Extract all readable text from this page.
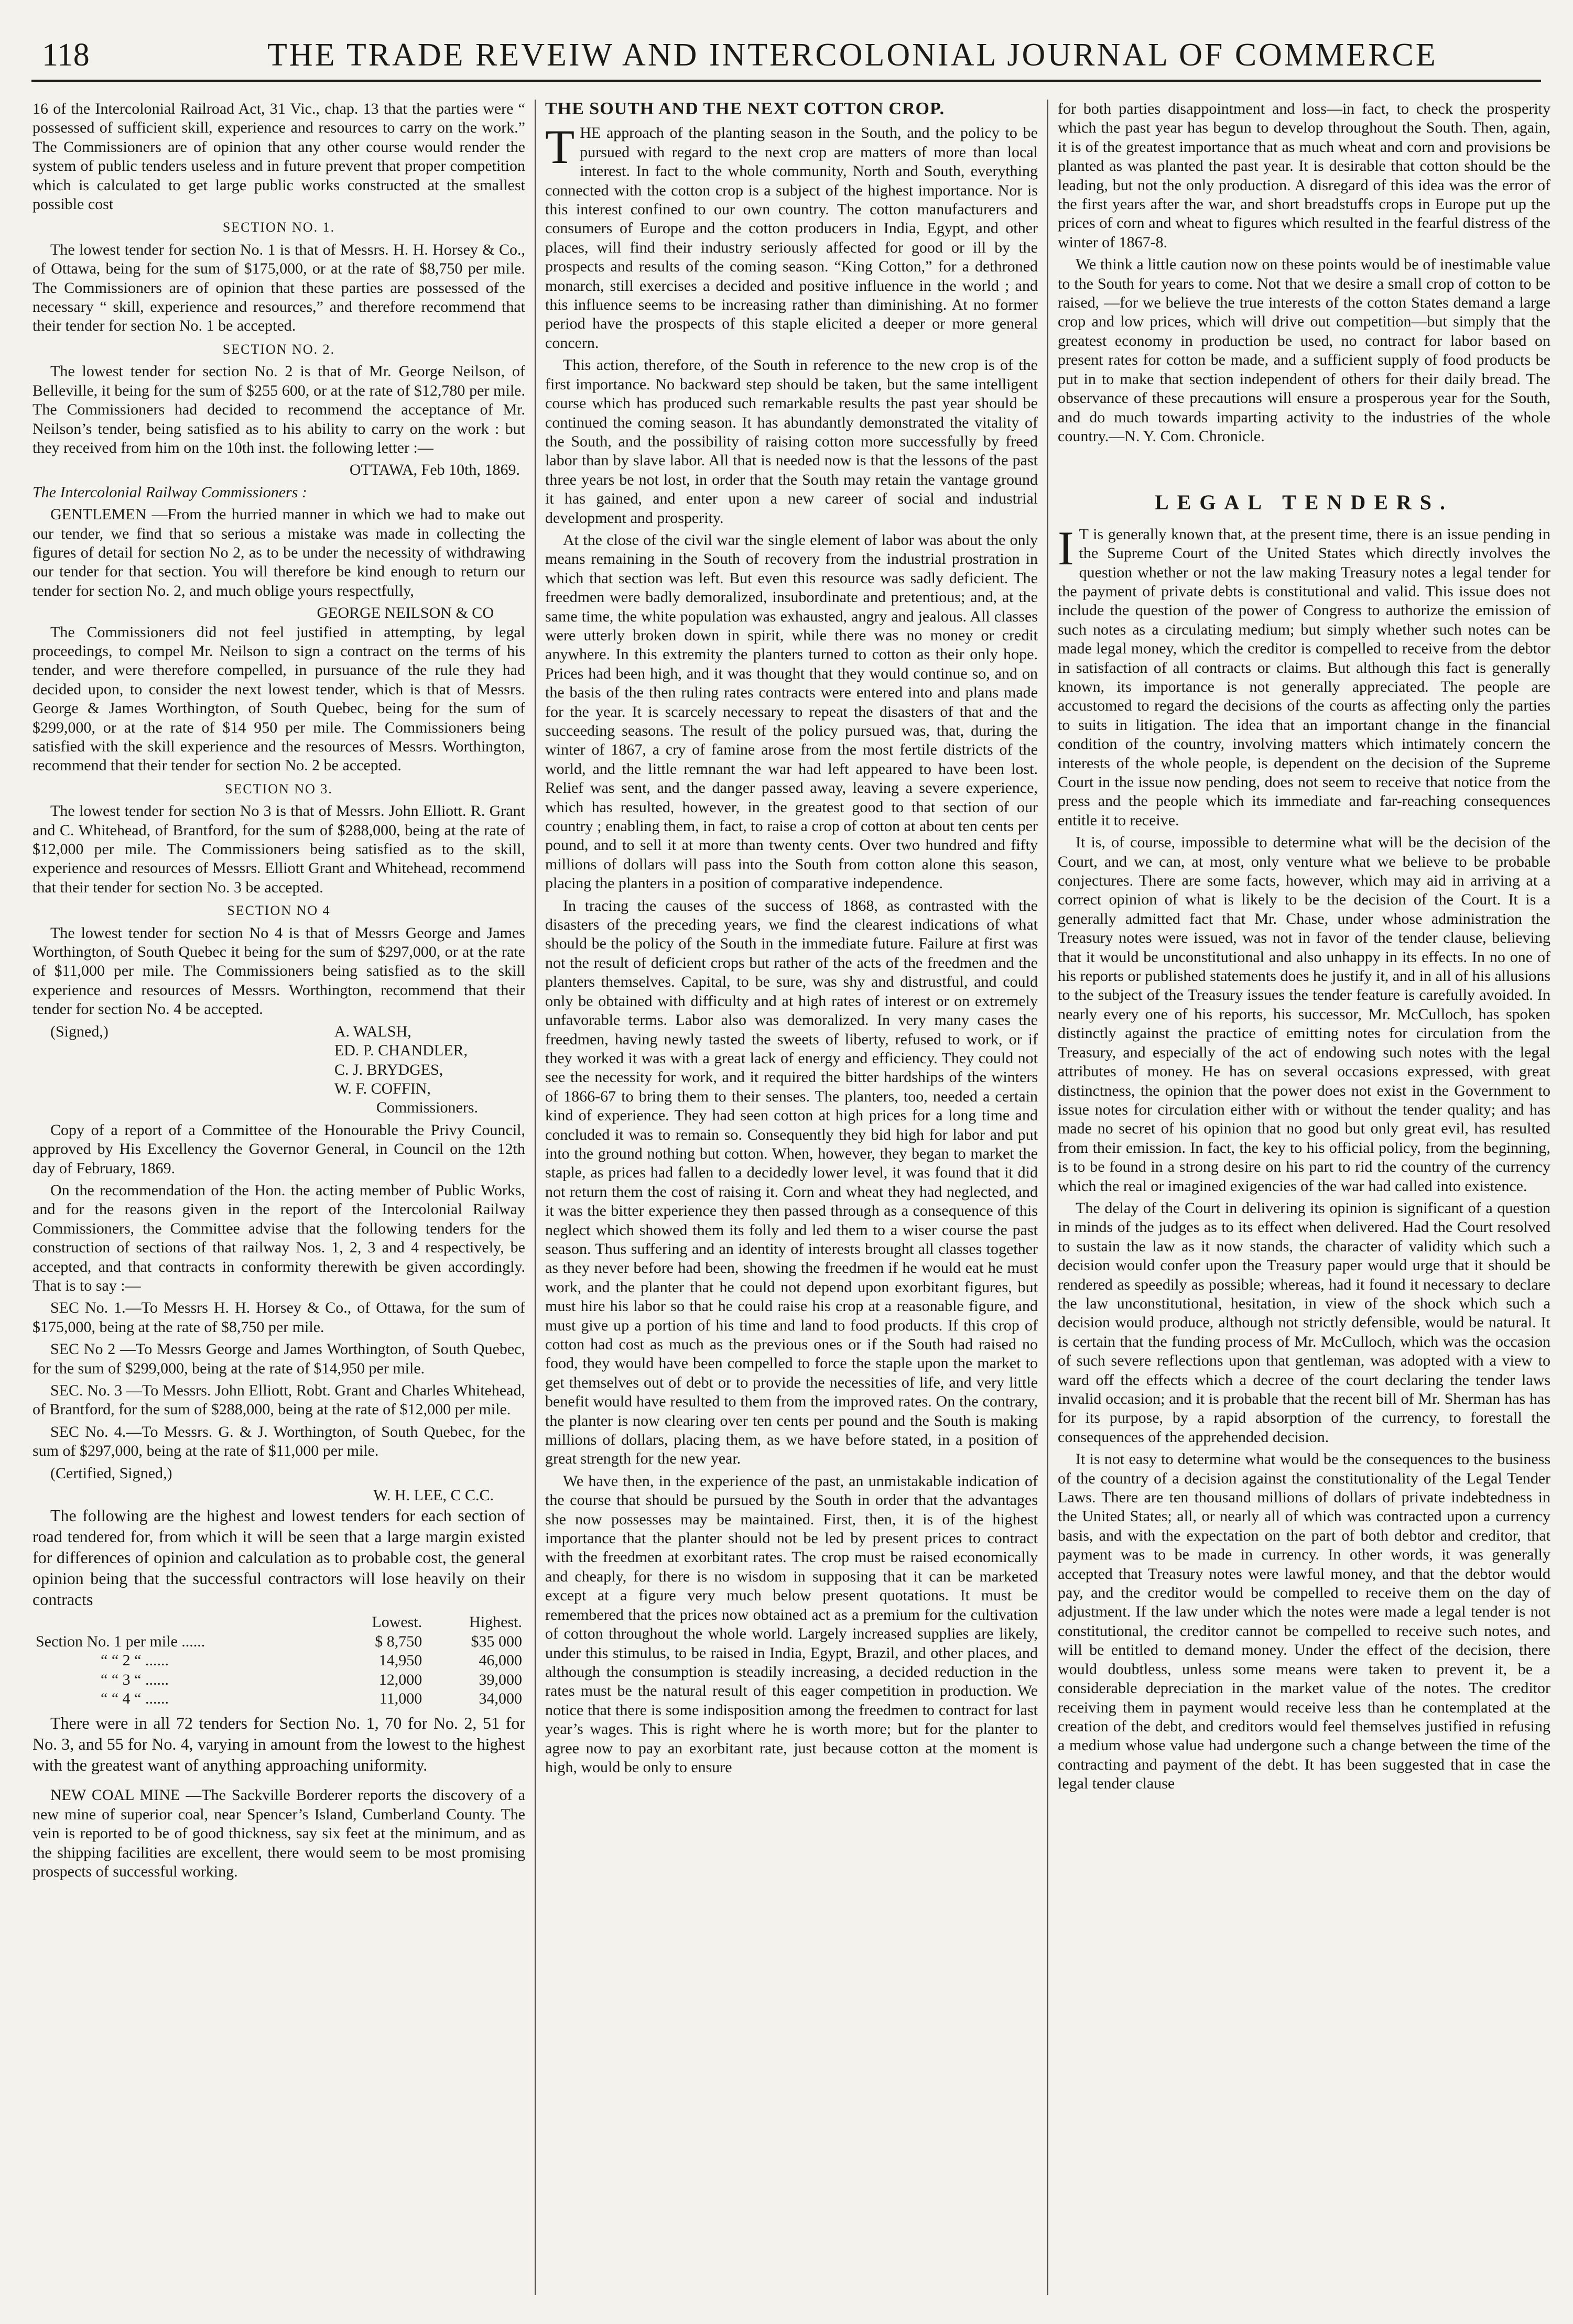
118	THE TRADE REVEIW AND INTERCOLONIAL JOURNAL OF COMMERCE

16 of the Intercolonial Railroad Act, 31 Vic., chap. 13 that the parties were “ possessed of sufficient skill, experience and resources to carry on the work.” The Commissioners are of opinion that any other course would render the system of public tenders useless and in future prevent that proper competition which is calculated to get large public works constructed at the smallest possible cost

SECTION NO. 1.

The lowest tender for section No. 1 is that of Messrs. H. H. Horsey & Co., of Ottawa, being for the sum of $175,000, or at the rate of $8,750 per mile. The Commissioners are of opinion that these parties are possessed of the necessary “ skill, experience and resources,” and therefore recommend that their tender for section No. 1 be accepted.

SECTION NO. 2.

The lowest tender for section No. 2 is that of Mr. George Neilson, of Belleville, it being for the sum of $255 600, or at the rate of $12,780 per mile. The Commissioners had decided to recommend the acceptance of Mr. Neilson’s tender, being satisfied as to his ability to carry on the work : but they received from him on the 10th inst. the following letter :—

OTTAWA, Feb 10th, 1869.

The Intercolonial Railway Commissioners :

GENTLEMEN —From the hurried manner in which we had to make out our tender, we find that so serious a mistake was made in collecting the figures of detail for section No 2, as to be under the necessity of withdrawing our tender for that section. You will therefore be kind enough to return our tender for section No. 2, and much oblige yours respectfully,

GEORGE NEILSON & CO

The Commissioners did not feel justified in attempting, by legal proceedings, to compel Mr. Neilson to sign a contract on the terms of his tender, and were therefore compelled, in pursuance of the rule they had decided upon, to consider the next lowest tender, which is that of Messrs. George & James Worthington, of South Quebec, being for the sum of $299,000, or at the rate of $14 950 per mile. The Commissioners being satisfied with the skill experience and the resources of Messrs. Worthington, recommend that their tender for section No. 2 be accepted.

SECTION NO 3.

The lowest tender for section No 3 is that of Messrs. John Elliott. R. Grant and C. Whitehead, of Brantford, for the sum of $288,000, being at the rate of $12,000 per mile. The Commissioners being satisfied as to the skill, experience and resources of Messrs. Elliott Grant and Whitehead, recommend that their tender for section No. 3 be accepted.

SECTION NO 4

The lowest tender for section No 4 is that of Messrs George and James Worthington, of South Quebec it being for the sum of $297,000, or at the rate of $11,000 per mile. The Commissioners being satisfied as to the skill experience and resources of Messrs. Worthington, recommend that their tender for section No. 4 be accepted.

(Signed,)	A. WALSH,
ED. P. CHANDLER,
C. J. BRYDGES,
W. F. COFFIN,
Commissioners.

Copy of a report of a Committee of the Honourable the Privy Council, approved by His Excellency the Governor General, in Council on the 12th day of February, 1869.

On the recommendation of the Hon. the acting member of Public Works, and for the reasons given in the report of the Intercolonial Railway Commissioners, the Committee advise that the following tenders for the construction of sections of that railway Nos. 1, 2, 3 and 4 respectively, be accepted, and that contracts in conformity therewith be given accordingly. That is to say :—

SEC No. 1.—To Messrs H. H. Horsey & Co., of Ottawa, for the sum of $175,000, being at the rate of $8,750 per mile.

SEC No 2 —To Messrs George and James Worthington, of South Quebec, for the sum of $299,000, being at the rate of $14,950 per mile.

SEC. No. 3 —To Messrs. John Elliott, Robt. Grant and Charles Whitehead, of Brantford, for the sum of $288,000, being at the rate of $12,000 per mile.

SEC No. 4.—To Messrs. G. & J. Worthington, of South Quebec, for the sum of $297,000, being at the rate of $11,000 per mile.

(Certified, Signed,)

W. H. LEE, C C.C.

The following are the highest and lowest tenders for each section of road tendered for, from which it will be seen that a large margin existed for differences of opinion and calculation as to probable cost, the general opinion being that the successful contractors will lose heavily on their contracts

	Lowest.	Highest.
Section No. 1 per mile ......	$ 8,750	$35 000
“ “ 2 “ ......	14,950	46,000
“ “ 3 “ ......	12,000	39,000
“ “ 4 “ ......	11,000	34,000

There were in all 72 tenders for Section No. 1, 70 for No. 2, 51 for No. 3, and 55 for No. 4, varying in amount from the lowest to the highest with the greatest want of anything approaching uniformity.

NEW COAL MINE —The Sackville Borderer reports the discovery of a new mine of superior coal, near Spencer’s Island, Cumberland County. The vein is reported to be of good thickness, say six feet at the minimum, and as the shipping facilities are excellent, there would seem to be most promising prospects of successful working.

THE SOUTH AND THE NEXT COTTON CROP.

THE approach of the planting season in the South, and the policy to be pursued with regard to the next crop are matters of more than local interest. In fact to the whole community, North and South, everything connected with the cotton crop is a subject of the highest importance. Nor is this interest confined to our own country. The cotton manufacturers and consumers of Europe and the cotton producers in India, Egypt, and other places, will find their industry seriously affected for good or ill by the prospects and results of the coming season. “King Cotton,” for a dethroned monarch, still exercises a decided and positive influence in the world ; and this influence seems to be increasing rather than diminishing. At no former period have the prospects of this staple elicited a deeper or more general concern.

This action, therefore, of the South in reference to the new crop is of the first importance. No backward step should be taken, but the same intelligent course which has produced such remarkable results the past year should be continued the coming season. It has abundantly demonstrated the vitality of the South, and the possibility of raising cotton more successfully by freed labor than by slave labor. All that is needed now is that the lessons of the past three years be not lost, in order that the South may retain the vantage ground it has gained, and enter upon a new career of social and industrial development and prosperity.

At the close of the civil war the single element of labor was about the only means remaining in the South of recovery from the industrial prostration in which that section was left. But even this resource was sadly deficient. The freedmen were badly demoralized, insubordinate and pretentious; and, at the same time, the white population was exhausted, angry and jealous. All classes were utterly broken down in spirit, while there was no money or credit anywhere. In this extremity the planters turned to cotton as their only hope. Prices had been high, and it was thought that they would continue so, and on the basis of the then ruling rates contracts were entered into and plans made for the year. It is scarcely necessary to repeat the disasters of that and the succeeding seasons. The result of the policy pursued was, that, during the winter of 1867, a cry of famine arose from the most fertile districts of the world, and the little remnant the war had left appeared to have been lost. Relief was sent, and the danger passed away, leaving a severe experience, which has resulted, however, in the greatest good to that section of our country ; enabling them, in fact, to raise a crop of cotton at about ten cents per pound, and to sell it at more than twenty cents. Over two hundred and fifty millions of dollars will pass into the South from cotton alone this season, placing the planters in a position of comparative independence.

In tracing the causes of the success of 1868, as contrasted with the disasters of the preceding years, we find the clearest indications of what should be the policy of the South in the immediate future. Failure at first was not the result of deficient crops but rather of the acts of the freedmen and the planters themselves. Capital, to be sure, was shy and distrustful, and could only be obtained with difficulty and at high rates of interest or on extremely unfavorable terms. Labor also was demoralized. In very many cases the freedmen, having newly tasted the sweets of liberty, refused to work, or if they worked it was with a great lack of energy and efficiency. They could not see the necessity for work, and it required the bitter hardships of the winters of 1866-67 to bring them to their senses. The planters, too, needed a certain kind of experience. They had seen cotton at high prices for a long time and concluded it was to remain so. Consequently they bid high for labor and put into the ground nothing but cotton. When, however, they began to market the staple, as prices had fallen to a decidedly lower level, it was found that it did not return them the cost of raising it. Corn and wheat they had neglected, and it was the bitter experience they then passed through as a consequence of this neglect which showed them its folly and led them to a wiser course the past season. Thus suffering and an identity of interests brought all classes together as they never before had been, showing the freedmen if he would eat he must work, and the planter that he could not depend upon exorbitant figures, but must hire his labor so that he could raise his crop at a reasonable figure, and must give up a portion of his time and land to food products. If this crop of cotton had cost as much as the previous ones or if the South had raised no food, they would have been compelled to force the staple upon the market to get themselves out of debt or to provide the necessities of life, and very little benefit would have resulted to them from the improved rates. On the contrary, the planter is now clearing over ten cents per pound and the South is making millions of dollars, placing them, as we have before stated, in a position of great strength for the new year.

We have then, in the experience of the past, an unmistakable indication of the course that should be pursued by the South in order that the advantages she now possesses may be maintained. First, then, it is of the highest importance that the planter should not be led by present prices to contract with the freedmen at exorbitant rates. The crop must be raised economically and cheaply, for there is no wisdom in supposing that it can be marketed except at a figure very much below present quotations. It must be remembered that the prices now obtained act as a premium for the cultivation of cotton throughout the whole world. Largely increased supplies are likely, under this stimulus, to be raised in India, Egypt, Brazil, and other places, and although the consumption is steadily increasing, a decided reduction in the rates must be the natural result of this eager competition in production. We notice that there is some indisposition among the freedmen to contract for last year’s wages. This is right where he is worth more; but for the planter to agree now to pay an exorbitant rate, just because cotton at the moment is high, would be only to ensure

for both parties disappointment and loss—in fact, to check the prosperity which the past year has begun to develop throughout the South. Then, again, it is of the greatest importance that as much wheat and corn and provisions be planted as was planted the past year. It is desirable that cotton should be the leading, but not the only production. A disregard of this idea was the error of the first years after the war, and short breadstuffs crops in Europe put up the prices of corn and wheat to figures which resulted in the fearful distress of the winter of 1867-8.

We think a little caution now on these points would be of inestimable value to the South for years to come. Not that we desire a small crop of cotton to be raised, —for we believe the true interests of the cotton States demand a large crop and low prices, which will drive out competition—but simply that the greatest economy in production be used, no contract for labor based on present rates for cotton be made, and a sufficient supply of food products be put in to make that section independent of others for their daily bread. The observance of these precautions will ensure a prosperous year for the South, and do much towards imparting activity to the industries of the whole country.—N. Y. Com. Chronicle.

LEGAL TENDERS.

I T is generally known that, at the present time, there is an issue pending in the Supreme Court of the United States which directly involves the question whether or not the law making Treasury notes a legal tender for the payment of private debts is constitutional and valid. This issue does not include the question of the power of Congress to authorize the emission of such notes as a circulating medium; but simply whether such notes can be made legal money, which the creditor is compelled to receive from the debtor in satisfaction of all contracts or claims. But although this fact is generally known, its importance is not generally appreciated. The people are accustomed to regard the decisions of the courts as affecting only the parties to suits in litigation. The idea that an important change in the financial condition of the country, involving matters which intimately concern the interests of the whole people, is dependent on the decision of the Supreme Court in the issue now pending, does not seem to receive that notice from the press and the people which its immediate and far-reaching consequences entitle it to receive.

It is, of course, impossible to determine what will be the decision of the Court, and we can, at most, only venture what we believe to be probable conjectures. There are some facts, however, which may aid in arriving at a correct opinion of what is likely to be the decision of the Court. It is a generally admitted fact that Mr. Chase, under whose administration the Treasury notes were issued, was not in favor of the tender clause, believing that it would be unconstitutional and also unhappy in its effects. In no one of his reports or published statements does he justify it, and in all of his allusions to the subject of the Treasury issues the tender feature is carefully avoided. In nearly every one of his reports, his successor, Mr. McCulloch, has spoken distinctly against the practice of emitting notes for circulation from the Treasury, and especially of the act of endowing such notes with the legal attributes of money. He has on several occasions expressed, with great distinctness, the opinion that the power does not exist in the Government to issue notes for circulation either with or without the tender quality; and has made no secret of his opinion that no good but only great evil, has resulted from their emission. In fact, the key to his official policy, from the beginning, is to be found in a strong desire on his part to rid the country of the currency which the real or imagined exigencies of the war had called into existence.

The delay of the Court in delivering its opinion is significant of a question in minds of the judges as to its effect when delivered. Had the Court resolved to sustain the law as it now stands, the character of validity which such a decision would confer upon the Treasury paper would urge that it should be rendered as speedily as possible; whereas, had it found it necessary to declare the law unconstitutional, hesitation, in view of the shock which such a decision would produce, although not strictly defensible, would be natural. It is certain that the funding process of Mr. McCulloch, which was the occasion of such severe reflections upon that gentleman, was adopted with a view to ward off the effects which a decree of the court declaring the tender laws invalid occasion; and it is probable that the recent bill of Mr. Sherman has has for its purpose, by a rapid absorption of the currency, to forestall the consequences of the apprehended decision.

It is not easy to determine what would be the consequences to the business of the country of a decision against the constitutionality of the Legal Tender Laws. There are ten thousand millions of dollars of private indebtedness in the United States; all, or nearly all of which was contracted upon a currency basis, and with the expectation on the part of both debtor and creditor, that payment was to be made in currency. In other words, it was generally accepted that Treasury notes were lawful money, and that the debtor would pay, and the creditor would be compelled to receive them on the day of adjustment. If the law under which the notes were made a legal tender is not constitutional, the creditor cannot be compelled to receive such notes, and will be entitled to demand money. Under the effect of the decision, there would doubtless, unless some means were taken to prevent it, be a considerable depreciation in the market value of the notes. The creditor receiving them in payment would receive less than he contemplated at the creation of the debt, and creditors would feel themselves justified in refusing a medium whose value had undergone such a change between the time of the contracting and payment of the debt. It has been suggested that in case the legal tender clause
